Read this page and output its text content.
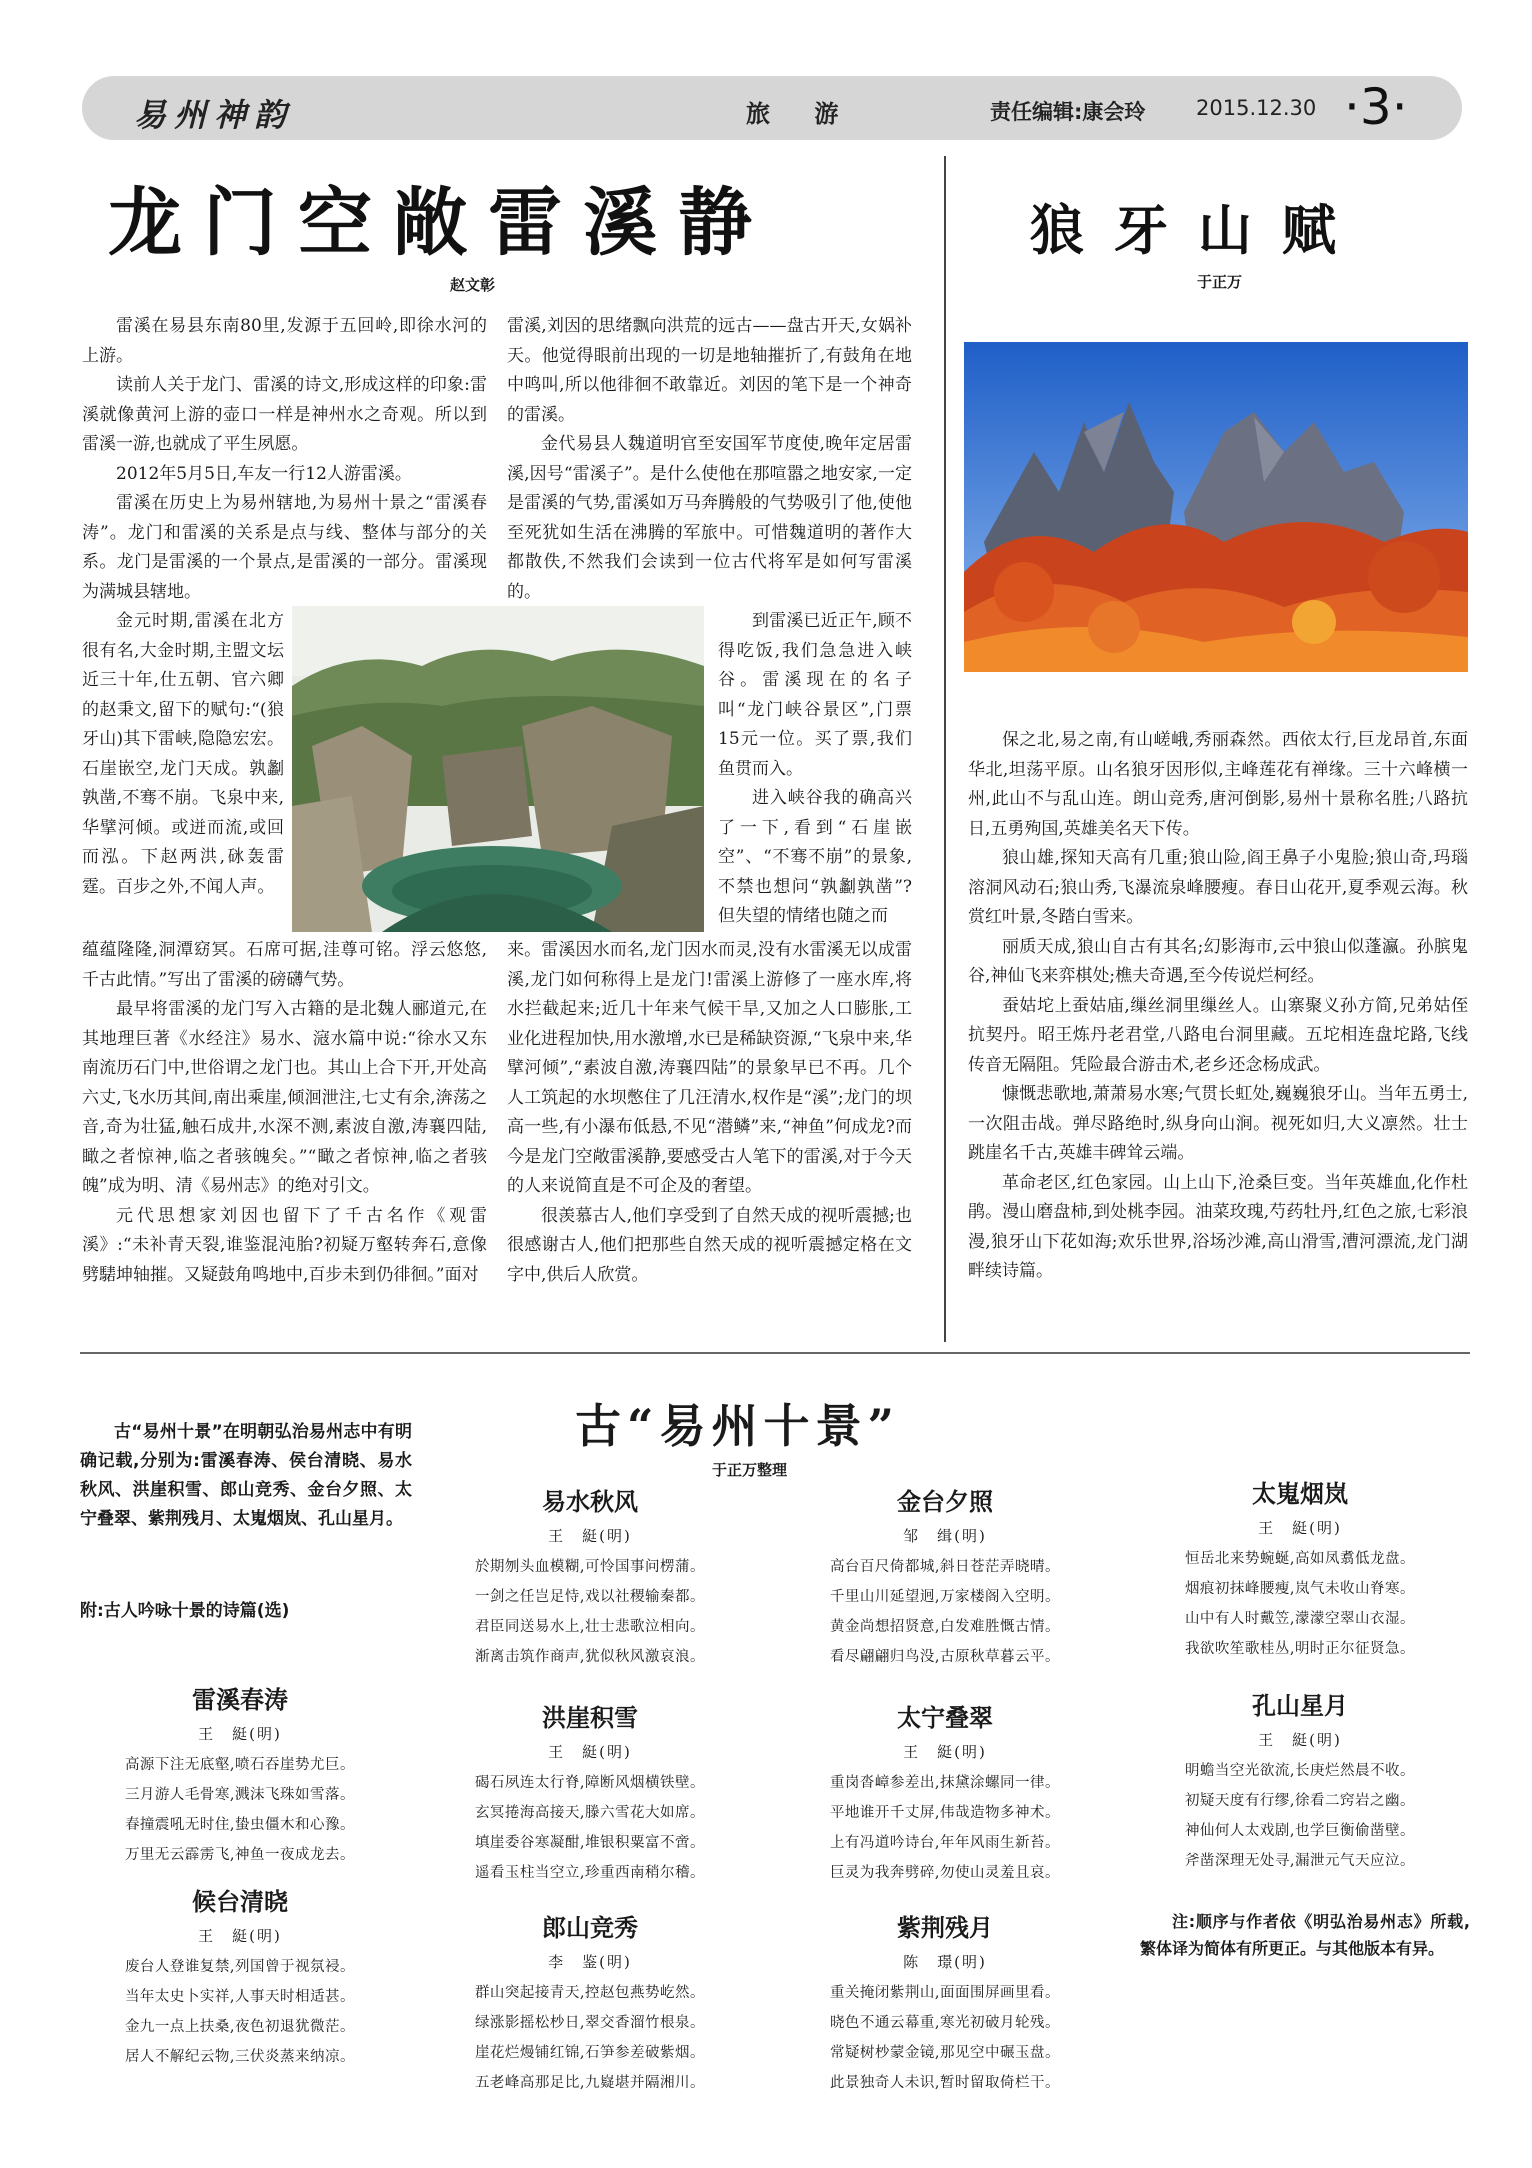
易州神韵	旅 游	责任编辑:康会玲 2015.12.30 ·3·
龙门空敞雷溪静
赵文彰

雷溪在易县东南80里,发源于五回岭,即徐水河的上游。

读前人关于龙门、雷溪的诗文,形成这样的印象:雷溪就像黄河上游的壶口一样是神州水之奇观。所以到雷溪一游,也就成了平生夙愿。

2012年5月5日,车友一行12人游雷溪。

雷溪在历史上为易州辖地,为易州十景之“雷溪春涛”。龙门和雷溪的关系是点与线、整体与部分的关系。龙门是雷溪的一个景点,是雷溪的一部分。雷溪现为满城县辖地。

金元时期,雷溪在北方很有名,大金时期,主盟文坛近三十年,仕五朝、官六卿的赵秉文,留下的赋句:“(狼牙山)其下雷峡,隐隐宏宏。石崖嵌空,龙门天成。孰劙孰凿,不骞不崩。飞泉中来,华擘河倾。或迸而流,或回而泓。下赵两洪,砯轰雷霆。百步之外,不闻人声。

蕴蕴隆隆,洞潭窈冥。石席可据,洼尊可铭。浮云悠悠,千古此情。”写出了雷溪的磅礴气势。

最早将雷溪的龙门写入古籍的是北魏人郦道元,在其地理巨著《水经注》易水、滱水篇中说:“徐水又东南流历石门中,世俗谓之龙门也。其山上合下开,开处高六丈,飞水历其间,南出乘崖,倾洄泄注,七丈有余,渀荡之音,奇为壮猛,触石成井,水深不测,素波自激,涛襄四陆,瞰之者惊神,临之者骇魄矣。”“瞰之者惊神,临之者骇魄”成为明、清《易州志》的绝对引文。

元代思想家刘因也留下了千古名作《观雷溪》:“未补青天裂,谁鉴混沌胎?初疑万壑转奔石,意像劈騞坤轴摧。又疑鼓角鸣地中,百步未到仍徘徊。”面对

雷溪,刘因的思绪飘向洪荒的远古——盘古开天,女娲补天。他觉得眼前出现的一切是地轴摧折了,有鼓角在地中鸣叫,所以他徘徊不敢靠近。刘因的笔下是一个神奇的雷溪。

金代易县人魏道明官至安国军节度使,晚年定居雷溪,因号“雷溪子”。是什么使他在那喧嚣之地安家,一定是雷溪的气势,雷溪如万马奔腾般的气势吸引了他,使他至死犹如生活在沸腾的军旅中。可惜魏道明的著作大都散佚,不然我们会读到一位古代将军是如何写雷溪的。

到雷溪已近正午,顾不得吃饭,我们急急进入峡谷。雷溪现在的名子叫“龙门峡谷景区”,门票15元一位。买了票,我们鱼贯而入。

进入峡谷我的确高兴了一下,看到“石崖嵌空”、“不骞不崩”的景象,不禁也想问“孰劙孰凿”?但失望的情绪也随之而

来。雷溪因水而名,龙门因水而灵,没有水雷溪无以成雷溪,龙门如何称得上是龙门!雷溪上游修了一座水库,将水拦截起来;近几十年来气候干旱,又加之人口膨胀,工业化进程加快,用水激增,水已是稀缺资源,“飞泉中来,华擘河倾”,“素波自激,涛襄四陆”的景象早已不再。几个人工筑起的水坝憋住了几汪清水,权作是“溪”;龙门的坝高一些,有小瀑布低悬,不见“潜鳞”来,“神鱼”何成龙?而今是龙门空敞雷溪静,要感受古人笔下的雷溪,对于今天的人来说简直是不可企及的奢望。

很羡慕古人,他们享受到了自然天成的视听震撼;也很感谢古人,他们把那些自然天成的视听震撼定格在文字中,供后人欣赏。

狼牙山赋
于正万

保之北,易之南,有山嵯峨,秀丽森然。西依太行,巨龙昂首,东面华北,坦荡平原。山名狼牙因形似,主峰莲花有禅缘。三十六峰横一州,此山不与乱山连。朗山竞秀,唐河倒影,易州十景称名胜;八路抗日,五勇殉国,英雄美名天下传。

狼山雄,探知天高有几重;狼山险,阎王鼻子小鬼脸;狼山奇,玛瑙溶洞风动石;狼山秀,飞瀑流泉峰腰瘦。春日山花开,夏季观云海。秋赏红叶景,冬踏白雪来。

丽质天成,狼山自古有其名;幻影海市,云中狼山似蓬瀛。孙膑鬼谷,神仙飞来弈棋处;樵夫奇遇,至今传说烂柯经。

蚕姑坨上蚕姑庙,缫丝洞里缫丝人。山寨聚义孙方简,兄弟姑侄抗契丹。昭王炼丹老君堂,八路电台洞里藏。五坨相连盘坨路,飞线传音无隔阻。凭险最合游击术,老乡还念杨成武。

慷慨悲歌地,萧萧易水寒;气贯长虹处,巍巍狼牙山。当年五勇士,一次阻击战。弹尽路绝时,纵身向山涧。视死如归,大义凛然。壮士跳崖名千古,英雄丰碑耸云端。

革命老区,红色家园。山上山下,沧桑巨变。当年英雄血,化作杜鹃。漫山磨盘柿,到处桃李园。油菜玫瑰,芍药牡丹,红色之旅,七彩浪漫,狼牙山下花如海;欢乐世界,浴场沙滩,高山滑雪,漕河漂流,龙门湖畔续诗篇。

古“易州十景”
于正万整理

古“易州十景”在明朝弘治易州志中有明确记载,分别为:雷溪春涛、侯台清晓、易水秋风、洪崖积雪、郎山竞秀、金台夕照、太宁叠翠、紫荆残月、太嵬烟岚、孔山星月。

附:古人吟咏十景的诗篇(选)
雷溪春涛
王　綎(明)
高源下注无底壑,喷石吞崖势尤巨。
三月游人毛骨寒,溅沫飞珠如雪落。
春撞震吼无时住,蛰虫僵木和心豫。
万里无云霹雳飞,神鱼一夜成龙去。
候台清晓
王　綎(明)
废台人登谁复禁,列国曾于视氛祲。
当年太史卜实祥,人事天时相适甚。
金九一点上扶桑,夜色初退犹微茫。
居人不解纪云物,三伏炎蒸来纳凉。
易水秋风
王　綎(明)
於期刎头血模糊,可怜国事问楞蒲。
一剑之任岂足恃,戏以社稷输秦都。
君臣同送易水上,壮士悲歌泣相向。
渐离击筑作商声,犹似秋风激哀浪。
洪崖积雪
王　綎(明)
碣石夙连太行脊,障断风烟横铁壁。
玄冥捲海高接天,滕六雪花大如席。
填崖委谷寒凝酣,堆银积粟富不啻。
遥看玉柱当空立,珍重西南稍尔稽。
郎山竞秀
李　鉴(明)
群山突起接青天,控赵包燕势屹然。
绿涨影摇松杪日,翠交香溜竹根泉。
崖花烂熳铺红锦,石笋参差破紫烟。
五老峰高那足比,九嶷堪并隔湘川。
金台夕照
邹　缉(明)
高台百尺倚都城,斜日苍茫弄晓晴。
千里山川延望迥,万家楼阁入空明。
黄金尚想招贤意,白发难胜慨古情。
看尽翩翩归鸟没,古原秋草暮云平。
太宁叠翠
王　綎(明)
重岗沓嶂参差出,抹黛涂螺同一律。
平地谁开千丈屏,伟哉造物多神术。
上有冯道吟诗台,年年风雨生新苔。
巨灵为我奔劈碎,勿使山灵羞且哀。
紫荆残月
陈　璟(明)
重关掩闭紫荆山,面面围屏画里看。
晓色不通云幕重,寒光初破月轮残。
常疑树杪蒙金镜,那见空中碾玉盘。
此景独奇人未识,暂时留取倚栏干。
太嵬烟岚
王　綎(明)
恒岳北来势蜿蜒,高如凤翥低龙盘。
烟痕初抹峰腰瘦,岚气未收山脊寒。
山中有人时戴笠,濛濛空翠山衣湿。
我欲吹笙歌桂丛,明时正尔征贤急。
孔山星月
王　綎(明)
明蟾当空光欲流,长庚烂然晨不收。
初疑天度有行缪,徐看二窍岩之幽。
神仙何人太戏剧,也学巨衡偷凿壁。
斧凿深理无处寻,漏泄元气天应泣。

注:顺序与作者依《明弘治易州志》所载,繁体译为简体有所更正。与其他版本有异。
